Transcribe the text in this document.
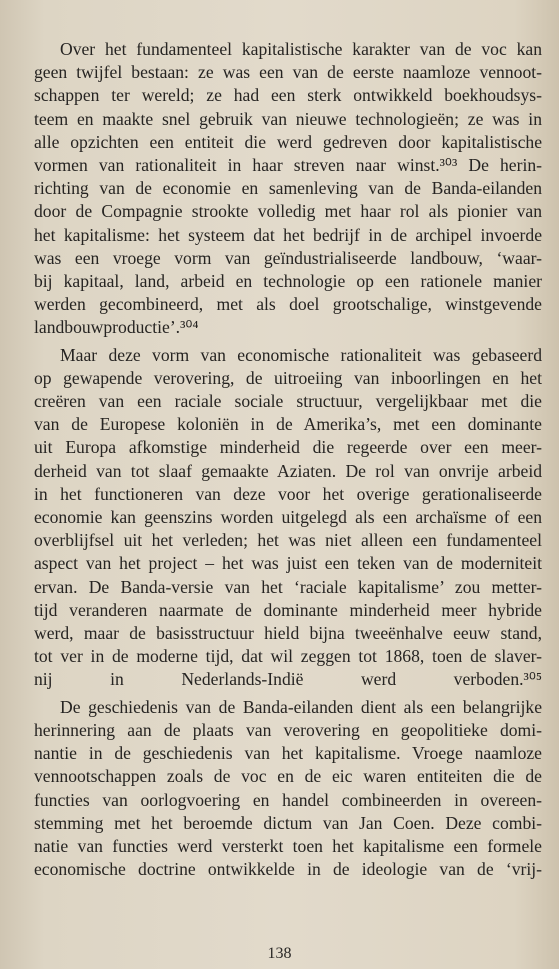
Over het fundamenteel kapitalistische karakter van de voc kan
geen twijfel bestaan: ze was een van de eerste naamloze vennoot-
schappen ter wereld; ze had een sterk ontwikkeld boekhoudsys-
teem en maakte snel gebruik van nieuwe technologieën; ze was in
alle opzichten een entiteit die werd gedreven door kapitalistische
vormen van rationaliteit in haar streven naar winst.³⁰³ De herin-
richting van de economie en samenleving van de Banda-eilanden
door de Compagnie strookte volledig met haar rol als pionier van
het kapitalisme: het systeem dat het bedrijf in de archipel invoerde
was een vroege vorm van geïndustrialiseerde landbouw, ‘waar-
bij kapitaal, land, arbeid en technologie op een rationele manier
werden gecombineerd, met als doel grootschalige, winstgevende
landbouwproductie’.³⁰⁴
Maar deze vorm van economische rationaliteit was gebaseerd
op gewapende verovering, de uitroeiing van inboorlingen en het
creëren van een raciale sociale structuur, vergelijkbaar met die
van de Europese koloniën in de Amerika’s, met een dominante
uit Europa afkomstige minderheid die regeerde over een meer-
derheid van tot slaaf gemaakte Aziaten. De rol van onvrije arbeid
in het functioneren van deze voor het overige gerationaliseerde
economie kan geenszins worden uitgelegd als een archaïsme of een
overblijfsel uit het verleden; het was niet alleen een fundamenteel
aspect van het project – het was juist een teken van de moderniteit
ervan. De Banda-versie van het ‘raciale kapitalisme’ zou metter-
tijd veranderen naarmate de dominante minderheid meer hybride
werd, maar de basisstructuur hield bijna tweeënhalve eeuw stand,
tot ver in de moderne tijd, dat wil zeggen tot 1868, toen de slaver-
nij in Nederlands-Indië werd verboden.³⁰⁵
De geschiedenis van de Banda-eilanden dient als een belangrijke
herinnering aan de plaats van verovering en geopolitieke domi-
nantie in de geschiedenis van het kapitalisme. Vroege naamloze
vennootschappen zoals de voc en de eic waren entiteiten die de
functies van oorlogvoering en handel combineerden in overeen-
stemming met het beroemde dictum van Jan Coen. Deze combi-
natie van functies werd versterkt toen het kapitalisme een formele
economische doctrine ontwikkelde in de ideologie van de ‘vrij-
138
